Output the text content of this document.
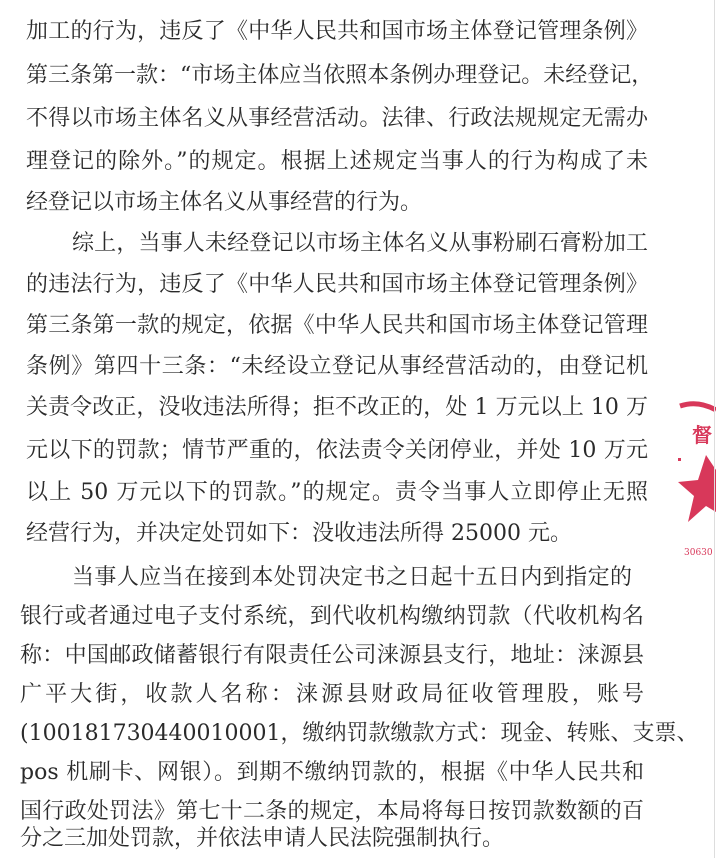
加工的行为，违反了《中华人民共和国市场主体登记管理条例》
第三条第一款：“市场主体应当依照本条例办理登记。未经登记，
不得以市场主体名义从事经营活动。法律、行政法规规定无需办
理登记的除外。”的规定。根据上述规定当事人的行为构成了未
经登记以市场主体名义从事经营的行为。
综上，当事人未经登记以市场主体名义从事粉刷石膏粉加工
的违法行为，违反了《中华人民共和国市场主体登记管理条例》
第三条第一款的规定，依据《中华人民共和国市场主体登记管理
条例》第四十三条：“未经设立登记从事经营活动的，由登记机
关责令改正，没收违法所得；拒不改正的，处 1 万元以上 10 万
元以下的罚款；情节严重的，依法责令关闭停业，并处 10 万元
以上 50 万元以下的罚款。”的规定。责令当事人立即停止无照
经营行为，并决定处罚如下：没收违法所得 25000 元。
当事人应当在接到本处罚决定书之日起十五日内到指定的
银行或者通过电子支付系统，到代收机构缴纳罚款（代收机构名
称：中国邮政储蓄银行有限责任公司涞源县支行，地址：涞源县
广平大街，收款人名称：涞源县财政局征收管理股，账号
(100181730440010001，缴纳罚款缴款方式：现金、转账、支票、
pos 机刷卡、网银）。到期不缴纳罚款的，根据《中华人民共和
国行政处罚法》第七十二条的规定，本局将每日按罚款数额的百
分之三加处罚款，并依法申请人民法院强制执行。
督
30630
